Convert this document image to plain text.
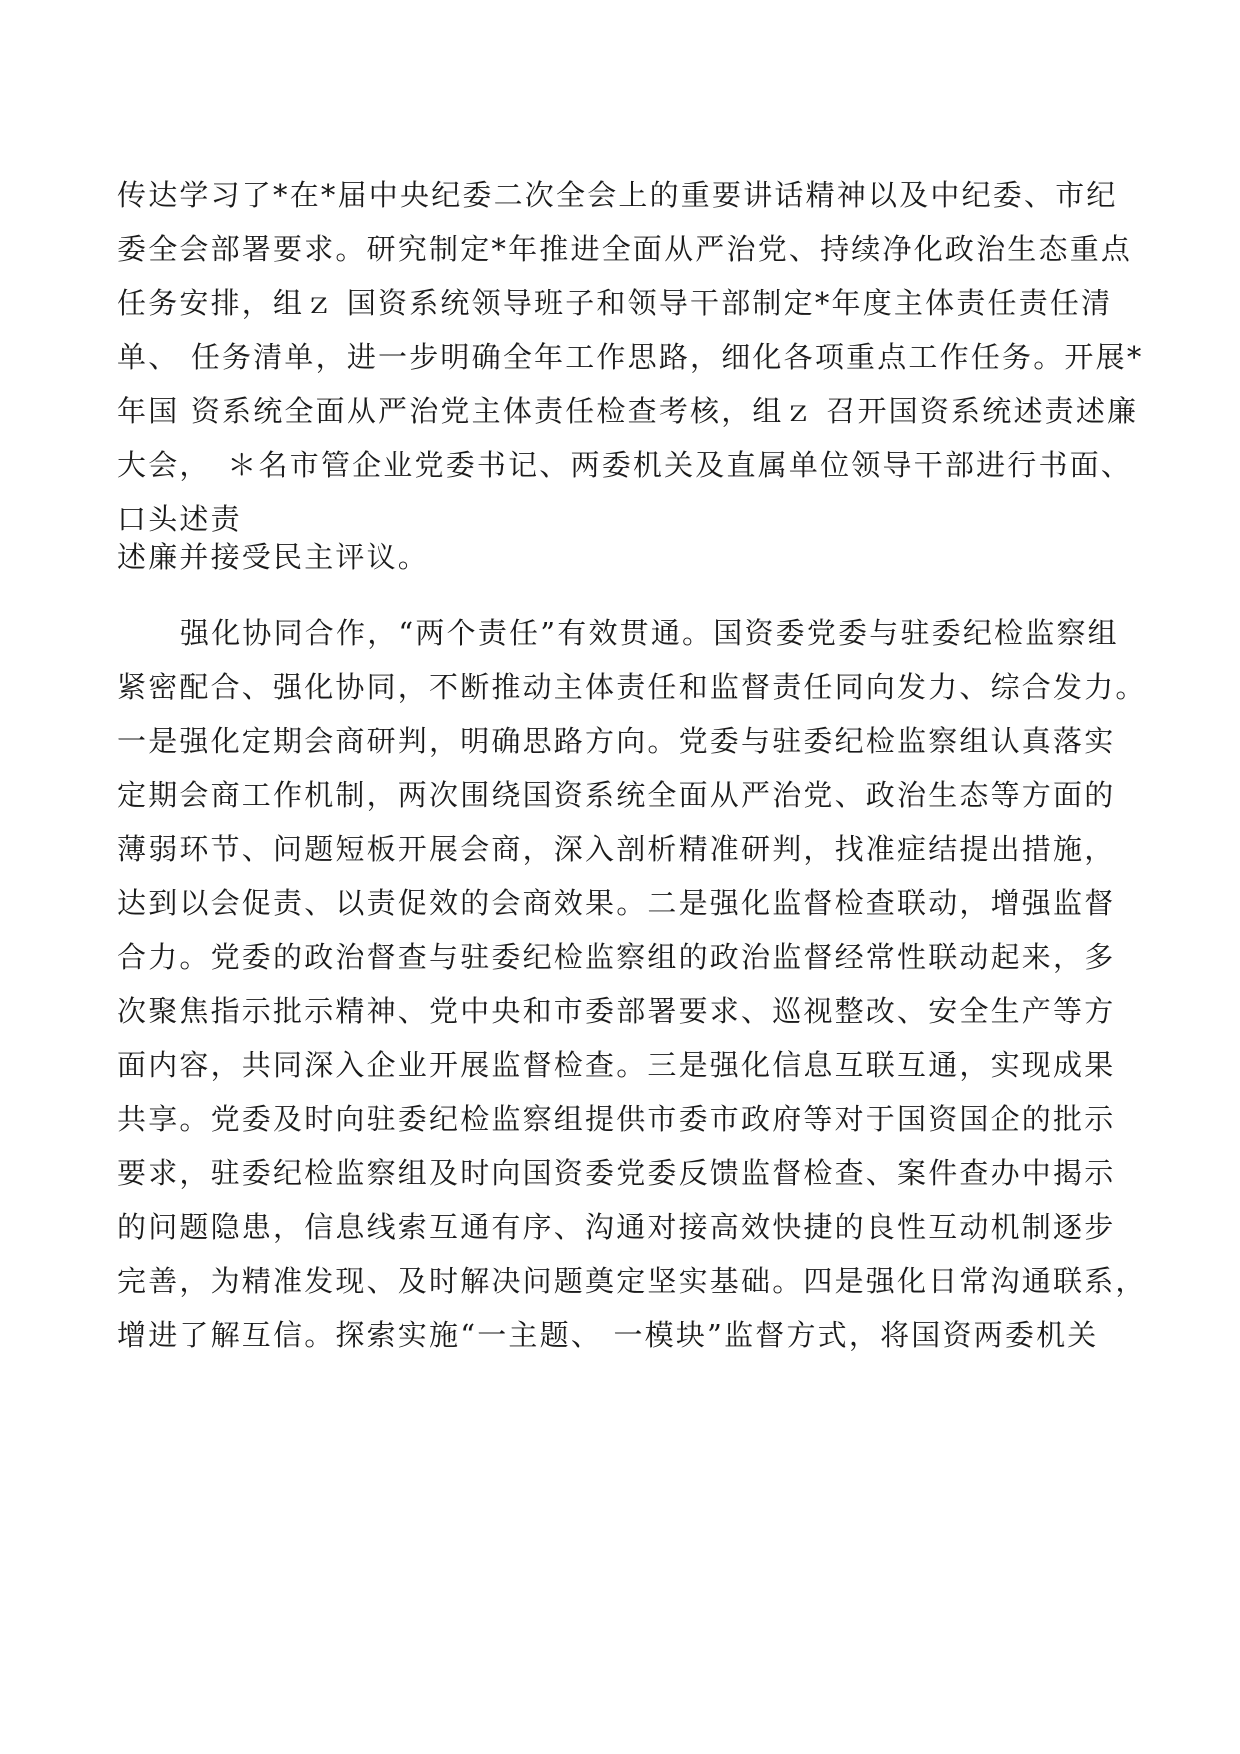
传达学习了*在*届中央纪委二次全会上的重要讲话精神以及中纪委、市纪

委全会部署要求。研究制定*年推进全面从严治党、持续净化政治生态重点

任务安排，组ｚ 国资系统领导班子和领导干部制定*年度主体责任责任清

单、 任务清单，进一步明确全年工作思路，细化各项重点工作任务。开展*

年国 资系统全面从严治党主体责任检查考核，组ｚ 召开国资系统述责述廉

大会，　＊名市管企业党委书记、两委机关及直属单位领导干部进行书面、

口头述责

述廉并接受民主评议。

强化协同合作，“两个责任”有效贯通。国资委党委与驻委纪检监察组

紧密配合、强化协同，不断推动主体责任和监督责任同向发力、综合发力。

一是强化定期会商研判，明确思路方向。党委与驻委纪检监察组认真落实

定期会商工作机制，两次围绕国资系统全面从严治党、政治生态等方面的

薄弱环节、问题短板开展会商，深入剖析精准研判，找准症结提出措施，

达到以会促责、以责促效的会商效果。二是强化监督检查联动，增强监督

合力。党委的政治督查与驻委纪检监察组的政治监督经常性联动起来，多

次聚焦指示批示精神、党中央和市委部署要求、巡视整改、安全生产等方

面内容，共同深入企业开展监督检查。三是强化信息互联互通，实现成果

共享。党委及时向驻委纪检监察组提供市委市政府等对于国资国企的批示

要求，驻委纪检监察组及时向国资委党委反馈监督检查、案件查办中揭示

的问题隐患，信息线索互通有序、沟通对接高效快捷的良性互动机制逐步

完善，为精准发现、及时解决问题奠定坚实基础。四是强化日常沟通联系，

增进了解互信。探索实施“一主题、 一模块”监督方式，将国资两委机关
